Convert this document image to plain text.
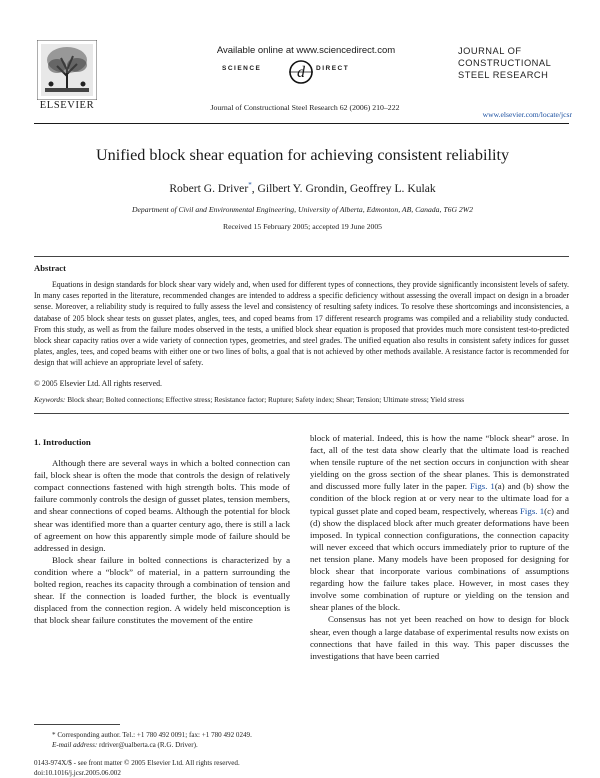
ELSEVIER
Available online at www.sciencedirect.com
SCIENCE d DIRECT
Journal of Constructional Steel Research 62 (2006) 210–222
JOURNAL OF
CONSTRUCTIONAL
STEEL RESEARCH
www.elsevier.com/locate/jcsr
Unified block shear equation for achieving consistent reliability
Robert G. Driver*, Gilbert Y. Grondin, Geoffrey L. Kulak
Department of Civil and Environmental Engineering, University of Alberta, Edmonton, AB, Canada, T6G 2W2
Received 15 February 2005; accepted 19 June 2005
Abstract
Equations in design standards for block shear vary widely and, when used for different types of connections, they provide significantly inconsistent levels of safety. In many cases reported in the literature, recommended changes are intended to address a specific deficiency without assessing the overall impact on design in a broader sense. Moreover, a reliability study is required to fully assess the level and consistency of resulting safety indices. To resolve these shortcomings and inconsistencies, a database of 205 block shear tests on gusset plates, angles, tees, and coped beams from 17 different research programs was compiled and a reliability study conducted. From this study, as well as from the failure modes observed in the tests, a unified block shear equation is proposed that provides much more consistent test-to-predicted block shear capacity ratios over a wide variety of connection types, geometries, and steel grades. The unified equation also results in consistent safety indices for gusset plates, angles, tees, and coped beams with either one or two lines of bolts, a goal that is not achieved by other methods available. A resistance factor is recommended for design that will achieve an appropriate level of safety.
© 2005 Elsevier Ltd. All rights reserved.
Keywords: Block shear; Bolted connections; Effective stress; Resistance factor; Rupture; Safety index; Shear; Tension; Ultimate stress; Yield stress
1. Introduction

Although there are several ways in which a bolted connection can fail, block shear is often the mode that controls the design of relatively compact connections fastened with high strength bolts. This mode of failure commonly controls the design of gusset plates, tension members, and shear connections of coped beams. Although the potential for block shear was identified more than a quarter century ago, there is still a lack of agreement on how this apparently simple mode of failure should be addressed in design.

Block shear failure in bolted connections is characterized by a condition where a “block” of material, in a pattern surrounding the bolted region, reaches its capacity through a combination of tension and shear. If the connection is loaded further, the block is eventually displaced from the connection region. A widely held misconception is that block shear failure constitutes the movement of the entire

block of material. Indeed, this is how the name “block shear” arose. In fact, all of the test data show clearly that the ultimate load is reached when tensile rupture of the net section occurs in conjunction with shear yielding on the gross section of the shear planes. This is demonstrated and discussed more fully later in the paper. Figs. 1(a) and (b) show the condition of the block region at or very near to the ultimate load for a typical gusset plate and coped beam, respectively, whereas Figs. 1(c) and (d) show the displaced block after much greater deformations have been imposed. In typical connection configurations, the connection capacity will never exceed that which occurs immediately prior to rupture of the net tension plane. Many models have been proposed for designing for block shear that incorporate various combinations of assumptions regarding how the failure takes place. However, in most cases they involve some combination of rupture or yielding on the tension and shear planes of the block.

Consensus has not yet been reached on how to design for block shear, even though a large database of experimental results now exists on connections that have failed in this way. This paper discusses the investigations that have been carried

* Corresponding author. Tel.: +1 780 492 0091; fax: +1 780 492 0249.
E-mail address: rdriver@ualberta.ca (R.G. Driver).
0143-974X/$ - see front matter © 2005 Elsevier Ltd. All rights reserved.
doi:10.1016/j.jcsr.2005.06.002
